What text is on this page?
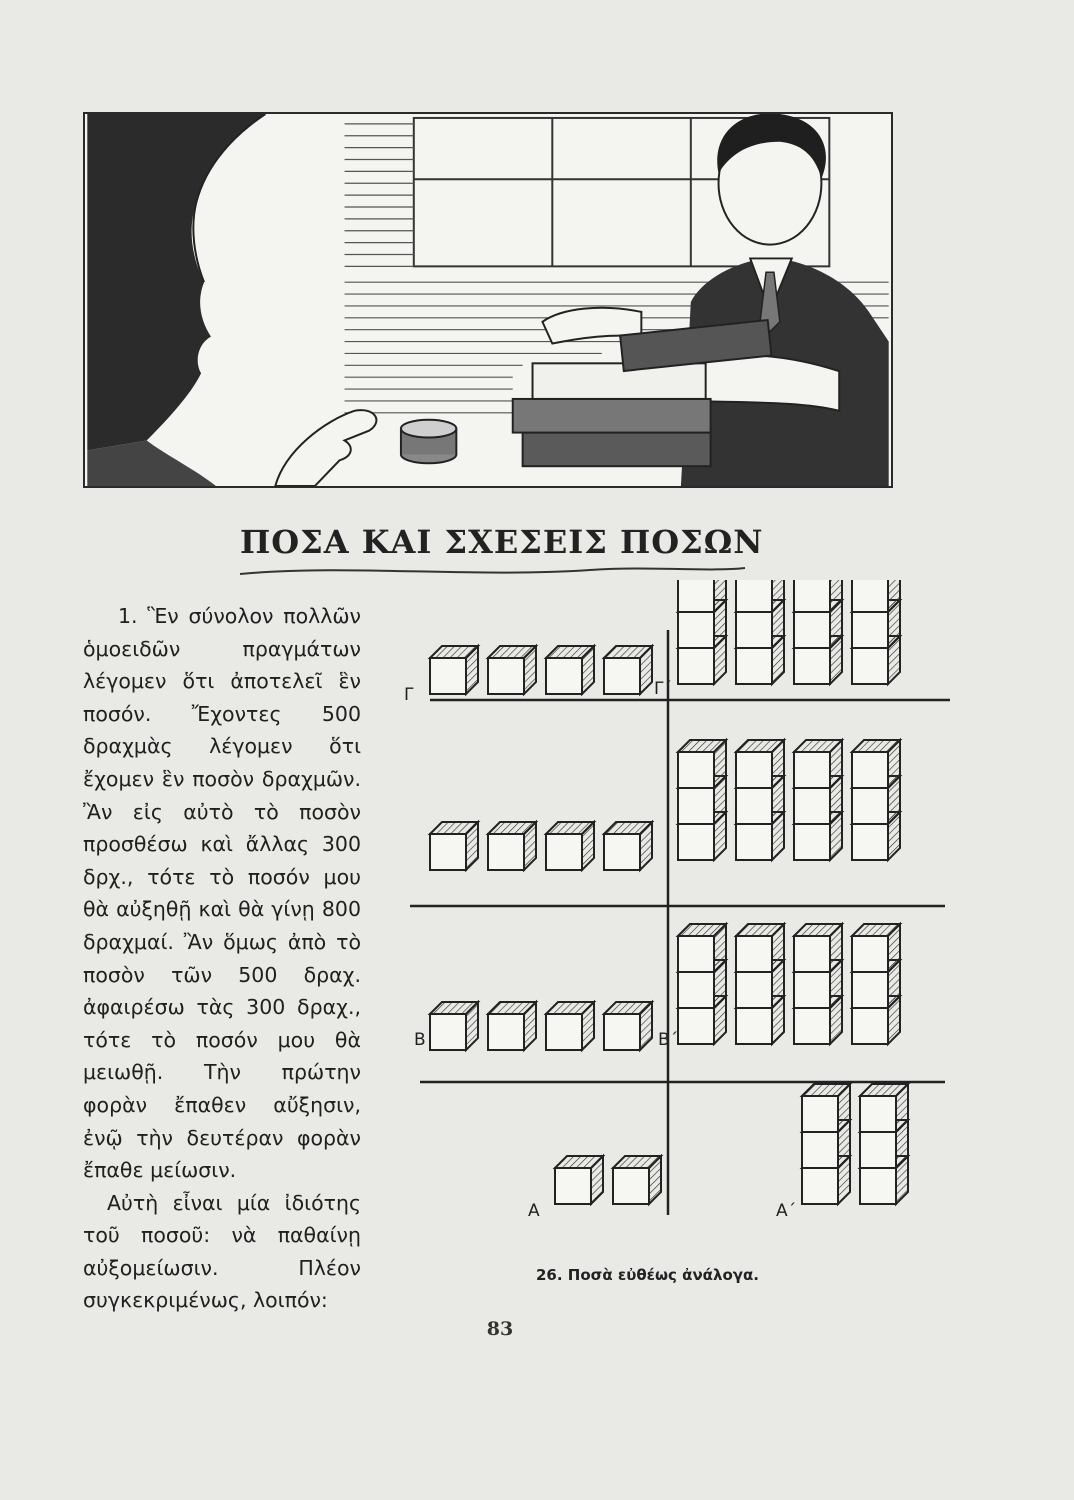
ΠΟΣΑ ΚΑΙ ΣΧΕΣΕΙΣ ΠΟΣΩΝ

1. Ἓν σύνολον πολλῶν ὁμοειδῶν πραγμάτων λέγομεν ὅτι ἀποτελεῖ ἓν ποσόν. Ἔχοντες 500 δραχμὰς λέγομεν ὅτι ἔχομεν ἓν ποσὸν δραχμῶν. Ἂν εἰς αὐτὸ τὸ ποσὸν προσθέσω καὶ ἄλλας 300 δρχ., τότε τὸ ποσόν μου θὰ αὐξηθῇ καὶ θὰ γίνῃ 800 δραχμαί. Ἂν ὅμως ἀπὸ τὸ ποσὸν τῶν 500 δραχ. ἀφαιρέσω τὰς 300 δραχ., τότε τὸ ποσόν μου θὰ μειωθῇ. Τὴν πρώτην φορὰν ἔπαθεν αὔξησιν, ἐνῷ τὴν δευτέραν φορὰν ἔπαθε μείωσιν.

Αὐτὴ εἶναι μία ἰδιότης τοῦ ποσοῦ: νὰ παθαίνῃ αὐξομείωσιν. Πλέον συγκεκριμένως, λοιπόν:

Γ	Γ΄
Β	Β΄
Α	Α΄
26. Ποσὰ εὐθέως ἀνάλογα.
83
